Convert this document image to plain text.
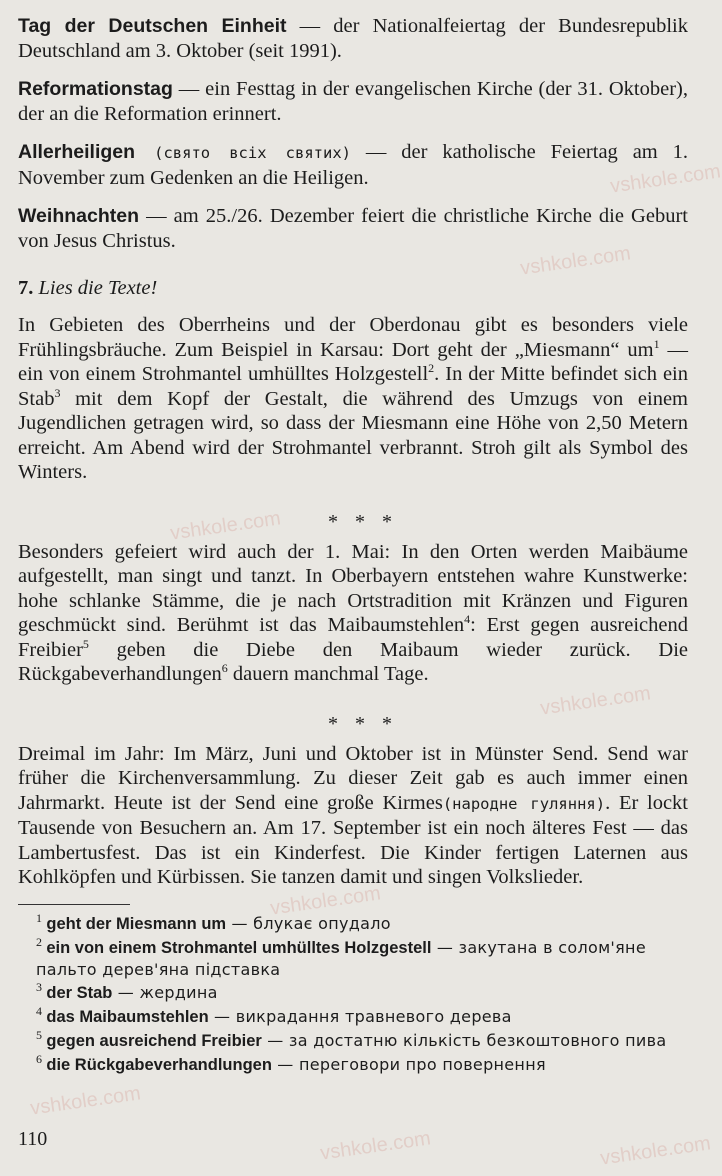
vshkole.com
vshkole.com
vshkole.com
vshkole.com
vshkole.com
vshkole.com
vshkole.com	vshkole.com

Tag der Deutschen Einheit — der Nationalfeiertag der Bundesrepublik Deutschland am 3. Oktober (seit 1991).

Reformationstag — ein Festtag in der evangelischen Kirche (der 31. Oktober), der an die Reformation erinnert.

Allerheiligen (свято всіх святих) — der katholische Feiertag am 1. November zum Gedenken an die Heiligen.

Weihnachten — am 25./26. Dezember feiert die christliche Kirche die Geburt von Jesus Christus.

7. Lies die Texte!

In Gebieten des Oberrheins und der Oberdonau gibt es besonders viele Frühlingsbräuche. Zum Beispiel in Karsau: Dort geht der „Miesmann“ $um^1$ — ein von einem Strohmantel umhülltes Holzgestell$^2$. In der Mitte befindet sich ein Stab$^3$ mit dem Kopf der Gestalt, die während des Umzugs von einem Jugendlichen getragen wird, so dass der Miesmann eine Höhe von 2,50 Metern erreicht. Am Abend wird der Strohmantel verbrannt. Stroh gilt als Symbol des Winters.

* * *

Besonders gefeiert wird auch der 1. Mai: In den Orten werden Maibäume aufgestellt, man singt und tanzt. In Oberbayern entstehen wahre Kunstwerke: hohe schlanke Stämme, die je nach Ortstradition mit Kränzen und Figuren geschmückt sind. Berühmt ist das Maibaumstehlen$^4$: Erst gegen ausreichend Freibier$^5$ geben die Diebe den Maibaum wieder zurück. Die Rückgabeverhandlungen$^6$ dauern manchmal Tage.

* * *

Dreimal im Jahr: Im März, Juni und Oktober ist in Münster Send. Send war früher die Kirchenversammlung. Zu dieser Zeit gab es auch immer einen Jahrmarkt. Heute ist der Send eine große Kirmes(народне гуляння). Er lockt Tausende von Besuchern an. Am 17. September ist ein noch älteres Fest — das Lambertusfest. Das ist ein Kinderfest. Die Kinder fertigen Laternen aus Kohlköpfen und Kürbissen. Sie tanzen damit und singen Volkslieder.

$^1$ geht der Miesmann um — блукає опудало

$^2$ ein von einem Strohmantel umhülltes Holzgestell — закутана в солом'яне пальто дерев'яна підставка

$^3$ der Stab — жердина

$^4$ das Maibaumstehlen — викрадання травневого дерева

$^5$ gegen ausreichend Freibier — за достатню кількість безкоштовного пива

$^6$ die Rückgabeverhandlungen — переговори про повернення

110
